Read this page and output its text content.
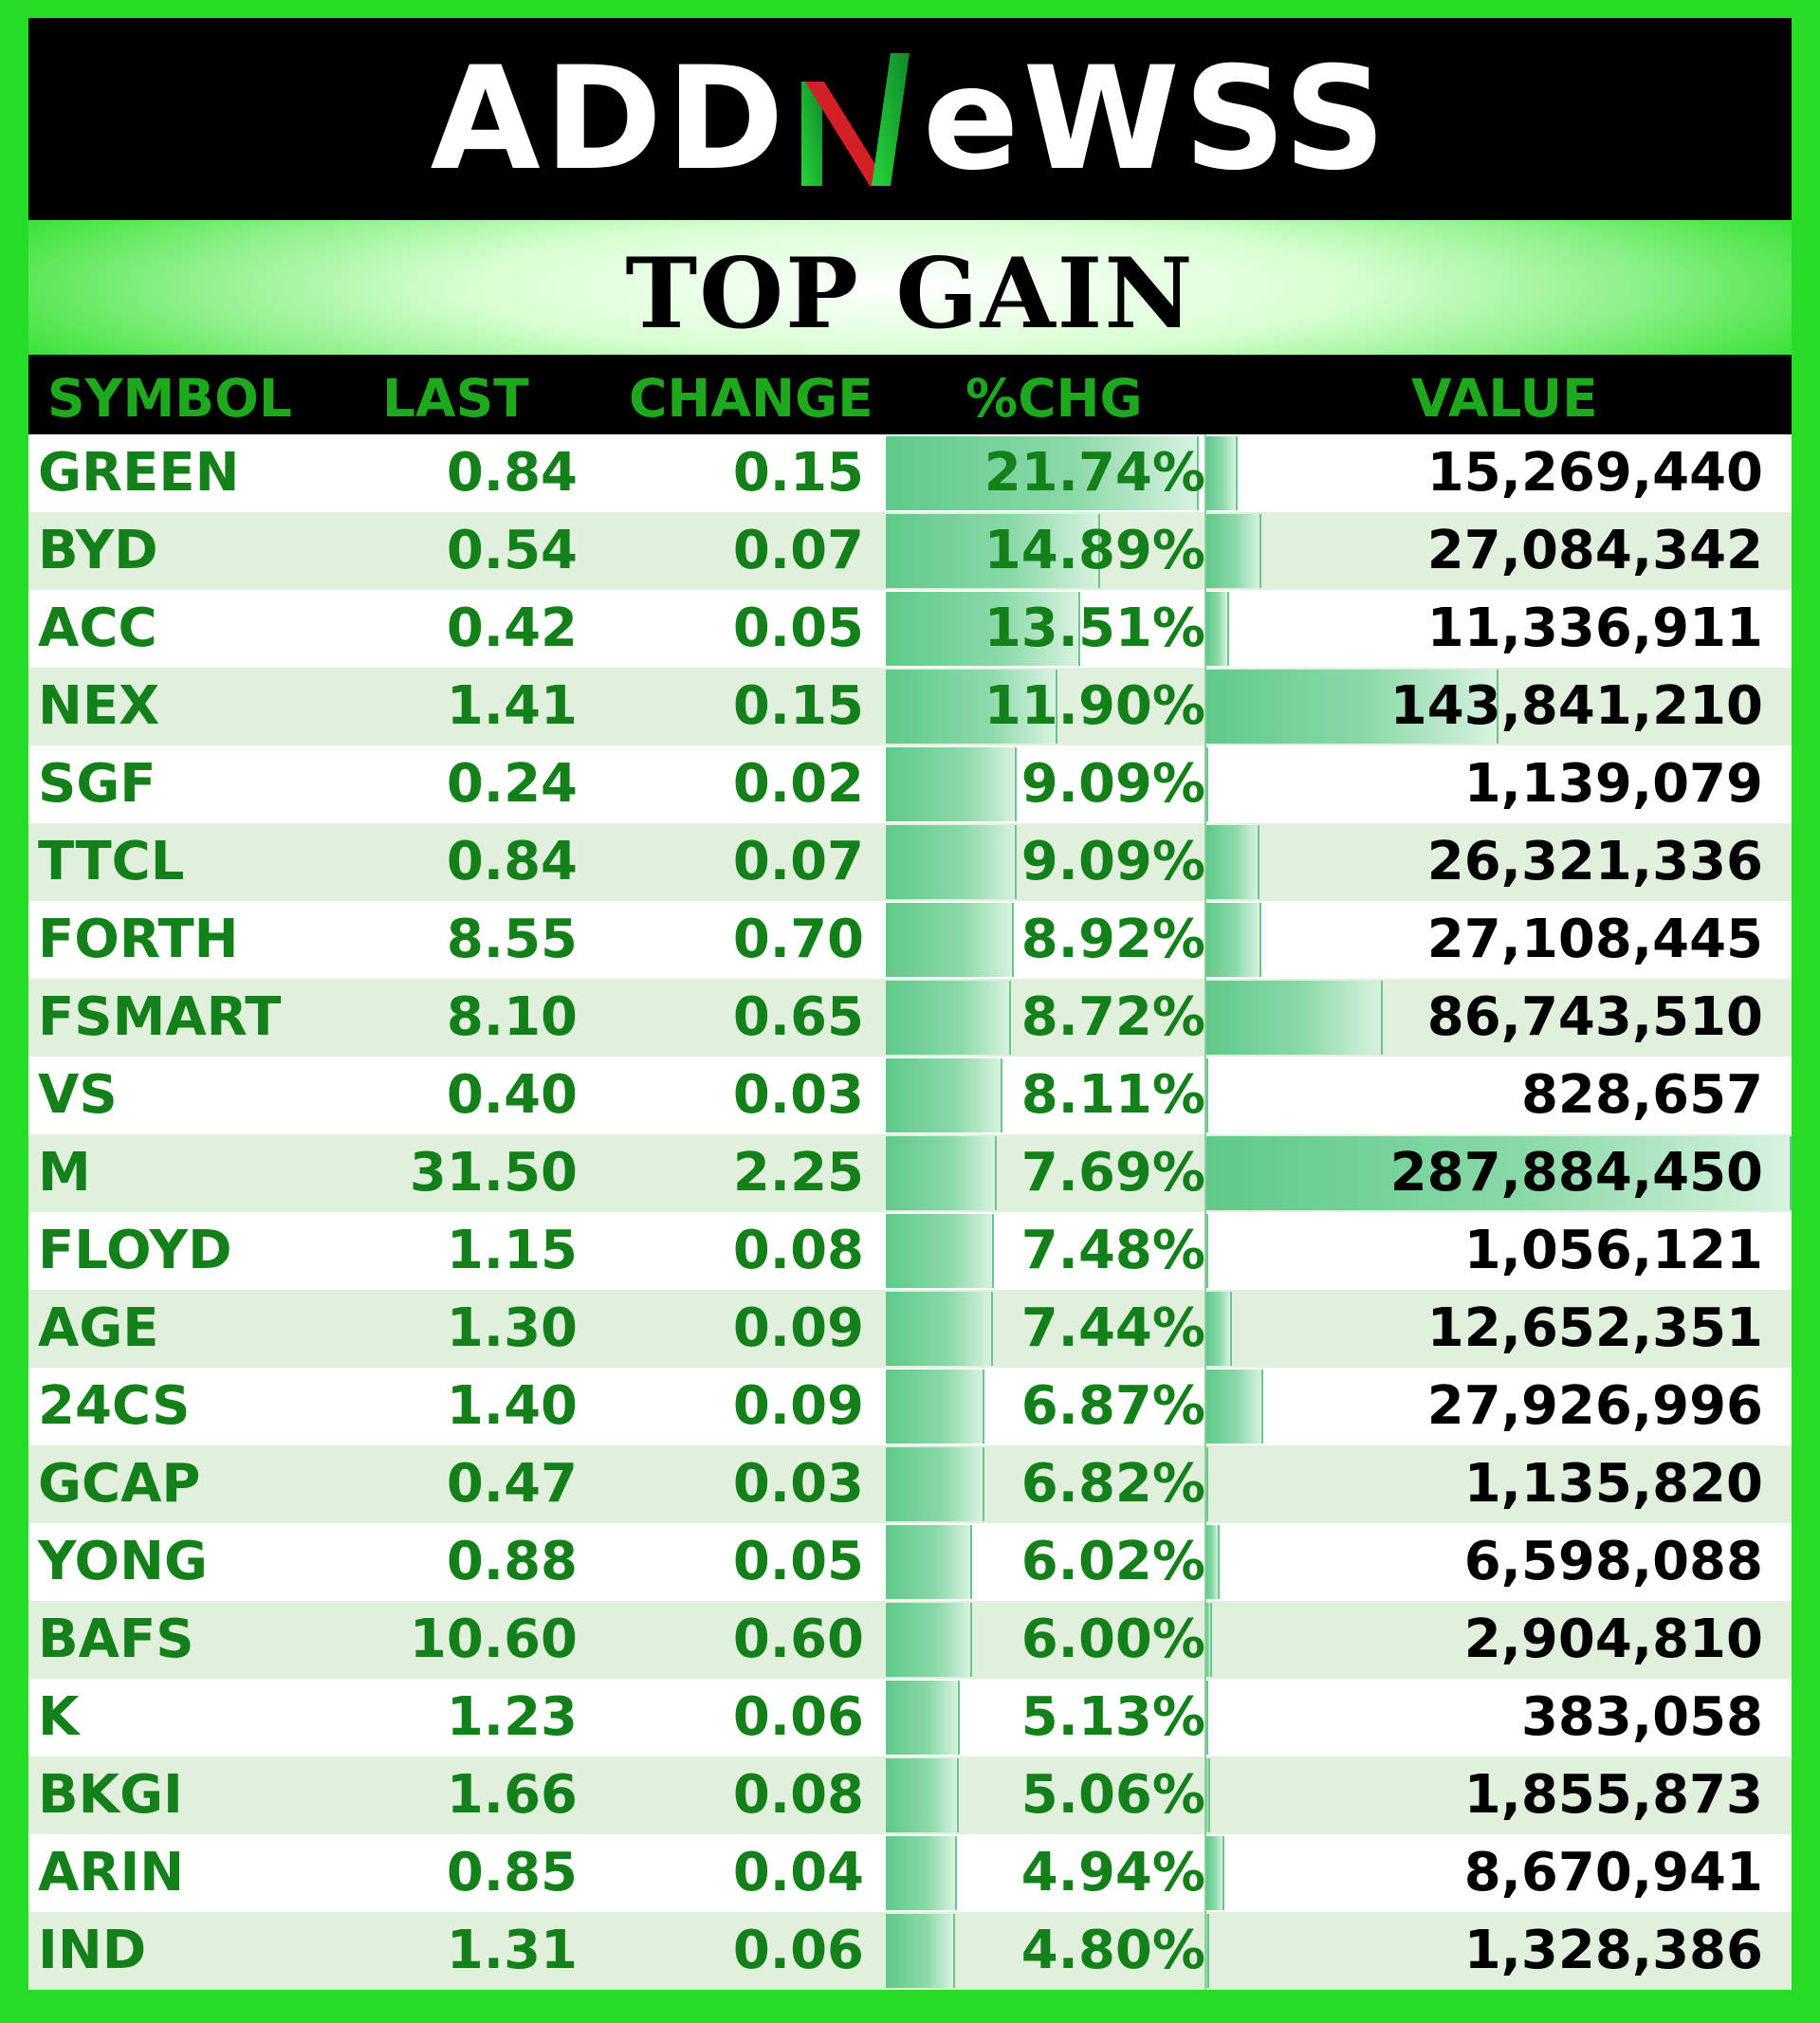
ADD eWSS
TOP GAIN
SYMBOL LAST CHANGE %CHG	VALUE
GREEN	0.84	0.15 21.74%	15,269,440
BYD	0.54	0.07 14.89%	27,084,342
ACC	0.42	0.05 13.51%	11,336,911
NEX	1.41	0.15 11.90%	143,841,210
SGF	0.24	0.02	9.09%	1,139,079
TTCL	0.84	0.07	9.09%	26,321,336
FORTH	8.55	0.70	8.92%	27,108,445
FSMART	8.10	0.65	8.72%	86,743,510
VS	0.40	0.03	8.11%	828,657
M	31.50	2.25	7.69%	287,884,450
FLOYD	1.15	0.08	7.48%	1,056,121
AGE	1.30	0.09	7.44%	12,652,351
24CS	1.40	0.09	6.87%	27,926,996
GCAP	0.47	0.03	6.82%	1,135,820
YONG	0.88	0.05	6.02%	6,598,088
BAFS	10.60	0.60	6.00%	2,904,810
K	1.23	0.06	5.13%	383,058
BKGI	1.66	0.08	5.06%	1,855,873
ARIN	0.85	0.04	4.94%	8,670,941
IND	1.31	0.06	4.80%	1,328,386
